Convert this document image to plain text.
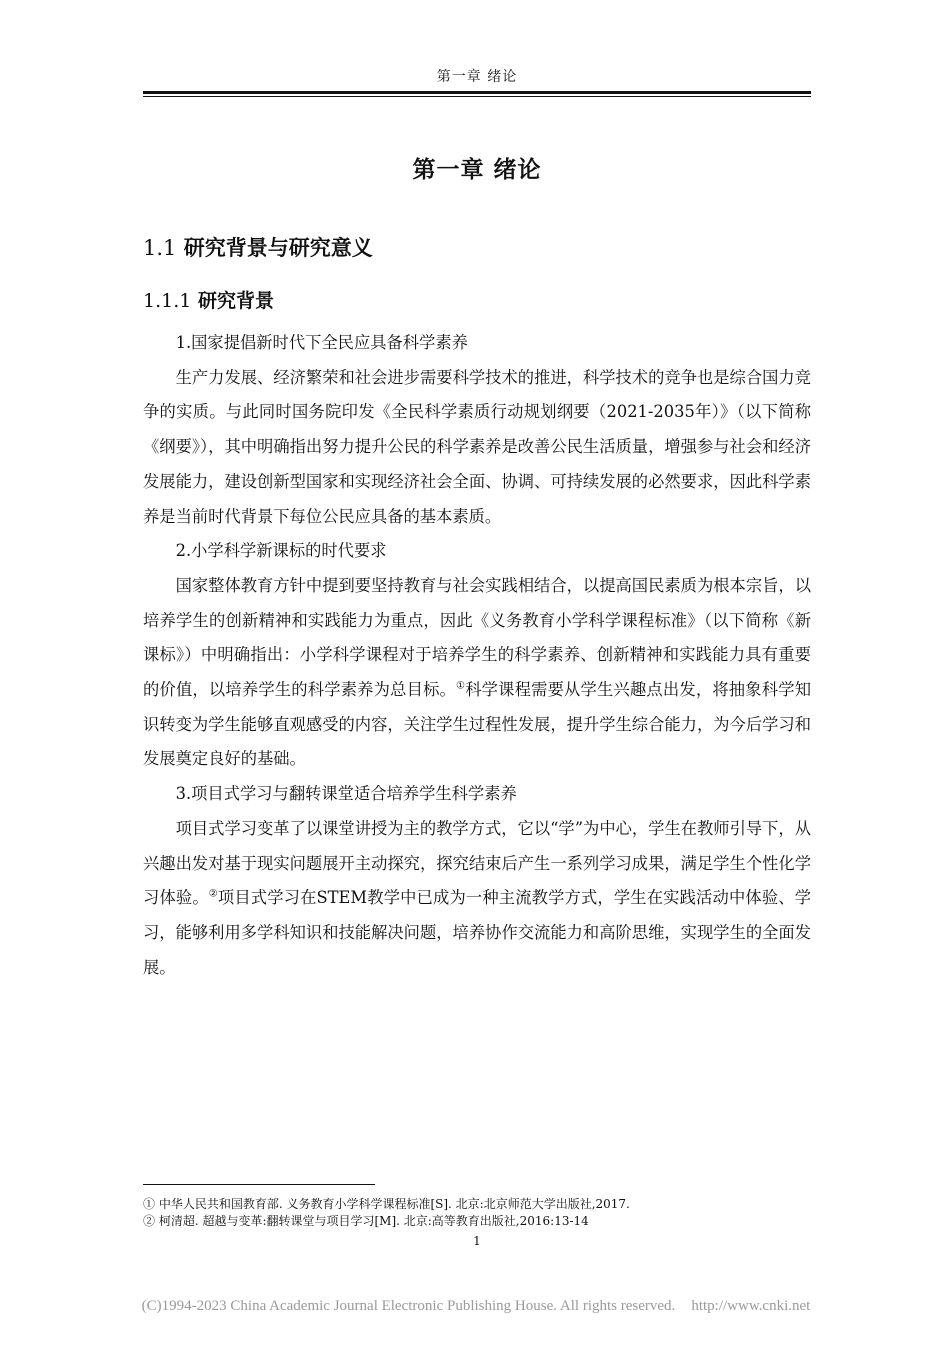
第一章 绪论
第一章 绪论
1.1 研究背景与研究意义
1.1.1 研究背景

1.国家提倡新时代下全民应具备科学素养

生产力发展、经济繁荣和社会进步需要科学技术的推进，科学技术的竞争也是综合国力竞争的实质。与此同时国务院印发《全民科学素质行动规划纲要（2021-2035年）》（以下简称《纲要》），其中明确指出努力提升公民的科学素养是改善公民生活质量，增强参与社会和经济发展能力，建设创新型国家和实现经济社会全面、协调、可持续发展的必然要求，因此科学素养是当前时代背景下每位公民应具备的基本素质。

2.小学科学新课标的时代要求

国家整体教育方针中提到要坚持教育与社会实践相结合，以提高国民素质为根本宗旨，以培养学生的创新精神和实践能力为重点，因此《义务教育小学科学课程标准》（以下简称《新课标》）中明确指出：小学科学课程对于培养学生的科学素养、创新精神和实践能力具有重要的价值，以培养学生的科学素养为总目标。①科学课程需要从学生兴趣点出发，将抽象科学知识转变为学生能够直观感受的内容，关注学生过程性发展，提升学生综合能力，为今后学习和发展奠定良好的基础。

3.项目式学习与翻转课堂适合培养学生科学素养

项目式学习变革了以课堂讲授为主的教学方式，它以“学”为中心，学生在教师引导下，从兴趣出发对基于现实问题展开主动探究，探究结束后产生一系列学习成果，满足学生个性化学习体验。②项目式学习在STEM教学中已成为一种主流教学方式，学生在实践活动中体验、学习，能够利用多学科知识和技能解决问题，培养协作交流能力和高阶思维，实现学生的全面发展。

① 中华人民共和国教育部. 义务教育小学科学课程标准[S]. 北京:北京师范大学出版社,2017.
② 柯清超. 超越与变革:翻转课堂与项目学习[M]. 北京:高等教育出版社,2016:13-14
1
(C)1994-2023 China Academic Journal Electronic Publishing House. All rights reserved. http://www.cnki.net
